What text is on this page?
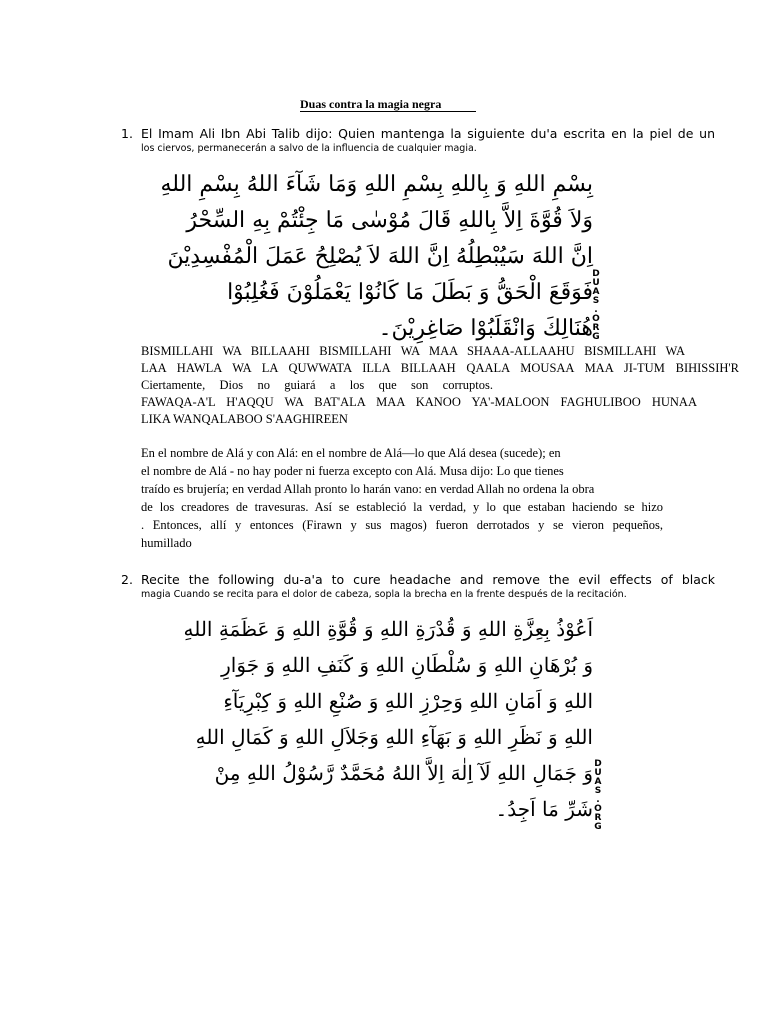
Duas contra la magia negra
1. El Imam Ali Ibn Abi Talib dijo: Quien mantenga la siguiente du'a escrita en la piel de un
los ciervos, permanecerán a salvo de la influencia de cualquier magia.
بِسْمِ اللهِ وَ بِاللهِ بِسْمِ اللهِ وَمَا شَآءَ اللهُ بِسْمِ اللهِ
وَلاَ قُوَّةَ اِلاَّ بِاللهِ قَالَ مُوْسٰى مَا جِئْتُمْ بِهِ السِّحْرُ
اِنَّ اللهَ سَيُبْطِلُهُ اِنَّ اللهَ لاَ يُصْلِحُ عَمَلَ الْمُفْسِدِيْنَ
فَوَقَعَ الْحَقُّ وَ بَطَلَ مَا كَانُوْا يَعْمَلُوْنَ فَغُلِبُوْا
هُنَالِكَ وَانْقَلَبُوْا صَاغِرِيْنَ۔
D
U
A
S
.
O
R
G
BISMILLAHI WA BILLAAHI BISMILLAHI WA MAA SHAAA-ALLAAHU BISMILLAHI WA
LAA HAWLA WA LA QUWWATA ILLA BILLAAH QAALA MOUSAA MAA JI-TUM BIHISSIH'R
Ciertamente, Dios no guiará a los que son corruptos.
FAWAQA-A'L H'AQQU WA BAT'ALA MAA KANOO YA'-MALOON FAGHULIBOO HUNAA
LIKA WANQALABOO S'AAGHIREEN
En el nombre de Alá y con Alá: en el nombre de Alá—lo que Alá desea (sucede); en
el nombre de Alá - no hay poder ni fuerza excepto con Alá. Musa dijo: Lo que tienes
traído es brujería; en verdad Allah pronto lo harán vano: en verdad Allah no ordena la obra
de los creadores de travesuras. Así se estableció la verdad, y lo que estaban haciendo se hizo
. Entonces, allí y entonces (Firawn y sus magos) fueron derrotados y se vieron pequeños,
humillado
2. Recite the following du-a'a to cure headache and remove the evil effects of black
magia Cuando se recita para el dolor de cabeza, sopla la brecha en la frente después de la recitación.
اَعُوْذُ بِعِزَّةِ اللهِ وَ قُدْرَةِ اللهِ وَ قُوَّةِ اللهِ وَ عَظَمَةِ اللهِ
وَ بُرْهَانِ اللهِ وَ سُلْطَانِ اللهِ وَ كَنَفِ اللهِ وَ جَوَارِ
اللهِ وَ اَمَانِ اللهِ وَحِرْزِ اللهِ وَ صُنْعِ اللهِ وَ كِبْرِيَآءِ
اللهِ وَ نَظَرِ اللهِ وَ بَهَآءِ اللهِ وَجَلاَلِ اللهِ وَ كَمَالِ اللهِ
وَ جَمَالِ اللهِ لَآ اِلٰهَ اِلاَّ اللهُ مُحَمَّدٌ رَّسُوْلُ اللهِ مِنْ
شَرِّ مَا اَجِدُ۔
D
U
A
S
.
O
R
G
